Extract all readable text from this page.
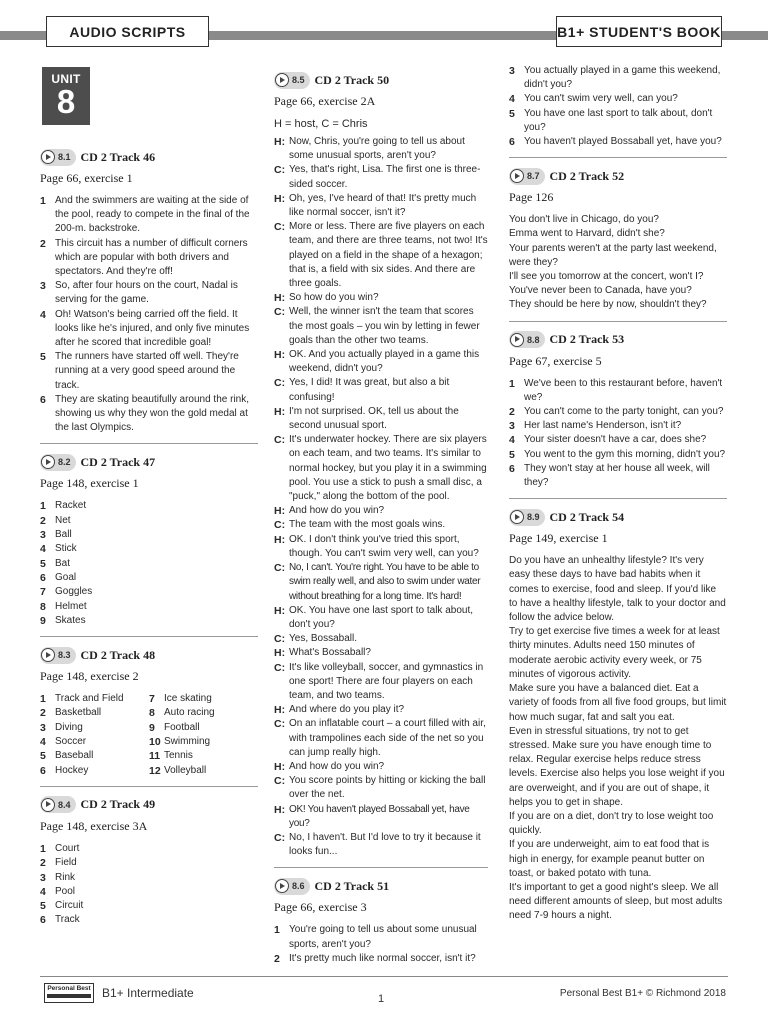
AUDIO SCRIPTS	B1+ STUDENT'S BOOK
UNIT
8
8.1 CD 2 Track 46
Page 66, exercise 1
1 And the swimmers are waiting at the side of the pool, ready to compete in the final of the 200-m. backstroke.
2 This circuit has a number of difficult corners which are popular with both drivers and spectators. And they're off!
3 So, after four hours on the court, Nadal is serving for the game.
4 Oh! Watson's being carried off the field. It looks like he's injured, and only five minutes after he scored that incredible goal!
5 The runners have started off well. They're running at a very good speed around the track.
6 They are skating beautifully around the rink, showing us why they won the gold medal at the last Olympics.
8.2 CD 2 Track 47
Page 148, exercise 1
1 Racket
2 Net
3 Ball
4 Stick
5 Bat
6 Goal
7 Goggles
8 Helmet
9 Skates
8.3 CD 2 Track 48
Page 148, exercise 2
1 Track and Field
2 Basketball
3 Diving
4 Soccer
5 Baseball
6 Hockey
7 Ice skating
8 Auto racing
9 Football
10 Swimming
11 Tennis
12 Volleyball
8.4 CD 2 Track 49
Page 148, exercise 3A
1 Court
2 Field
3 Rink
4 Pool
5 Circuit
6 Track
8.5 CD 2 Track 50
Page 66, exercise 2A
H = host, C = Chris
H: Now, Chris, you're going to tell us about some unusual sports, aren't you?
C: Yes, that's right, Lisa. The first one is three-sided soccer.
H: Oh, yes, I've heard of that! It's pretty much like normal soccer, isn't it?
C: More or less. There are five players on each team, and there are three teams, not two! It's played on a field in the shape of a hexagon; that is, a field with six sides. And there are three goals.
H: So how do you win?
C: Well, the winner isn't the team that scores the most goals – you win by letting in fewer goals than the other two teams.
H: OK. And you actually played in a game this weekend, didn't you?
C: Yes, I did! It was great, but also a bit confusing!
H: I'm not surprised. OK, tell us about the second unusual sport.
C: It's underwater hockey. There are six players on each team, and two teams. It's similar to normal hockey, but you play it in a swimming pool. You use a stick to push a small disc, a "puck," along the bottom of the pool.
H: And how do you win?
C: The team with the most goals wins.
H: OK. I don't think you've tried this sport, though. You can't swim very well, can you?
C: No, I can't. You're right. You have to be able to swim really well, and also to swim under water without breathing for a long time. It's hard!
H: OK. You have one last sport to talk about, don't you?
C: Yes, Bossaball.
H: What's Bossaball?
C: It's like volleyball, soccer, and gymnastics in one sport! There are four players on each team, and two teams.
H: And where do you play it?
C: On an inflatable court – a court filled with air, with trampolines each side of the net so you can jump really high.
H: And how do you win?
C: You score points by hitting or kicking the ball over the net.
H: OK! You haven't played Bossaball yet, have you?
C: No, I haven't. But I'd love to try it because it looks fun...
8.6 CD 2 Track 51
Page 66, exercise 3
1 You're going to tell us about some unusual sports, aren't you?
2 It's pretty much like normal soccer, isn't it?
3 You actually played in a game this weekend, didn't you?
4 You can't swim very well, can you?
5 You have one last sport to talk about, don't you?
6 You haven't played Bossaball yet, have you?
8.7 CD 2 Track 52
Page 126

You don't live in Chicago, do you?

Emma went to Harvard, didn't she?

Your parents weren't at the party last weekend, were they?

I'll see you tomorrow at the concert, won't I?

You've never been to Canada, have you?

They should be here by now, shouldn't they?

8.8 CD 2 Track 53
Page 67, exercise 5
1 We've been to this restaurant before, haven't we?
2 You can't come to the party tonight, can you?
3 Her last name's Henderson, isn't it?
4 Your sister doesn't have a car, does she?
5 You went to the gym this morning, didn't you?
6 They won't stay at her house all week, will they?
8.9 CD 2 Track 54
Page 149, exercise 1

Do you have an unhealthy lifestyle? It's very easy these days to have bad habits when it comes to exercise, food and sleep. If you'd like to have a healthy lifestyle, talk to your doctor and follow the advice below.

Try to get exercise five times a week for at least thirty minutes. Adults need 150 minutes of moderate aerobic activity every week, or 75 minutes of vigorous activity.

Make sure you have a balanced diet. Eat a variety of foods from all five food groups, but limit how much sugar, fat and salt you eat.

Even in stressful situations, try not to get stressed. Make sure you have enough time to relax. Regular exercise helps reduce stress levels. Exercise also helps you lose weight if you are overweight, and if you are out of shape, it helps you to get in shape.

If you are on a diet, don't try to lose weight too quickly.

If you are underweight, aim to eat food that is high in energy, for example peanut butter on toast, or baked potato with tuna.

It's important to get a good night's sleep. We all need different amounts of sleep, but most adults need 7-9 hours a night.

Personal Best B1+ Intermediate	1	Personal Best B1+ © Richmond 2018
